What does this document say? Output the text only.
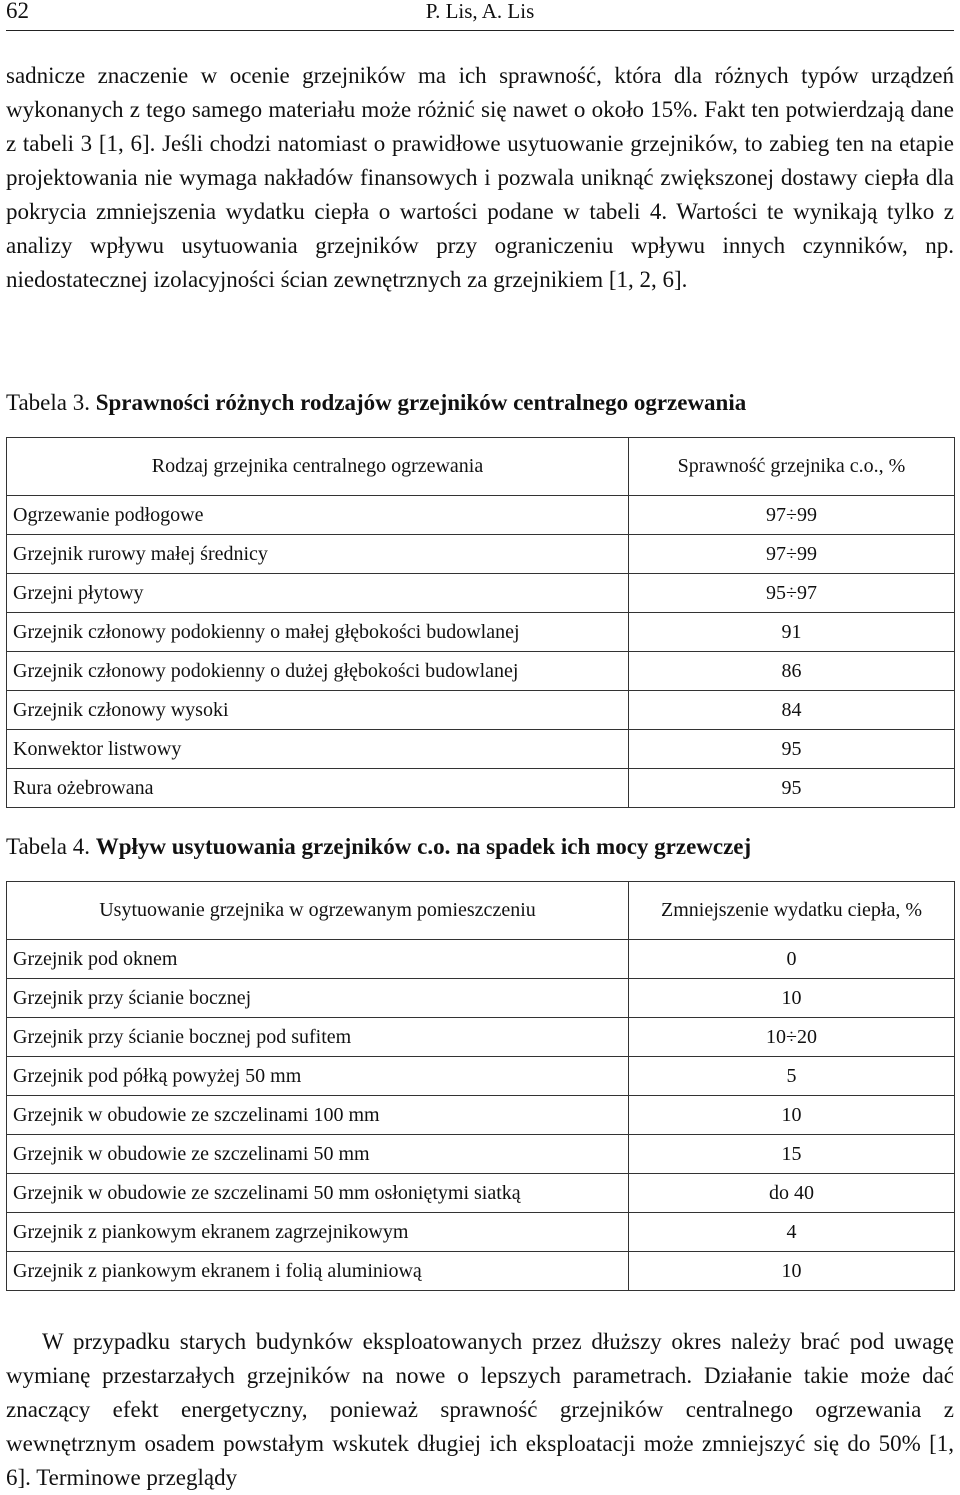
62	P. Lis, A. Lis

sadnicze znaczenie w ocenie grzejników ma ich sprawność, która dla różnych typów urządzeń wykonanych z tego samego materiału może różnić się nawet o około 15%. Fakt ten potwierdzają dane z tabeli 3 [1, 6]. Jeśli chodzi natomiast o prawidłowe usytuowanie grzejników, to zabieg ten na etapie projektowania nie wymaga nakładów finansowych i pozwala uniknąć zwiększonej dostawy ciepła dla pokrycia zmniejszenia wydatku ciepła o wartości podane w tabeli 4. Wartości te wynikają tylko z analizy wpływu usytuowania grzejników przy ograniczeniu wpływu innych czynników, np. niedostatecznej izolacyjności ścian zewnętrznych za grzejnikiem [1, 2, 6].

Tabela 3. Sprawności różnych rodzajów grzejników centralnego ogrzewania

Rodzaj grzejnika centralnego ogrzewania	Sprawność grzejnika c.o., %
Ogrzewanie podłogowe	97÷99
Grzejnik rurowy małej średnicy	97÷99
Grzejni płytowy	95÷97
Grzejnik członowy podokienny o małej głębokości budowlanej	91
Grzejnik członowy podokienny o dużej głębokości budowlanej	86
Grzejnik członowy wysoki	84
Konwektor listwowy	95
Rura ożebrowana	95

Tabela 4. Wpływ usytuowania grzejników c.o. na spadek ich mocy grzewczej

Usytuowanie grzejnika w ogrzewanym pomieszczeniu	Zmniejszenie wydatku ciepła, %
Grzejnik pod oknem	0
Grzejnik przy ścianie bocznej	10
Grzejnik przy ścianie bocznej pod sufitem	10÷20
Grzejnik pod półką powyżej 50 mm	5
Grzejnik w obudowie ze szczelinami 100 mm	10
Grzejnik w obudowie ze szczelinami 50 mm	15
Grzejnik w obudowie ze szczelinami 50 mm osłoniętymi siatką	do 40
Grzejnik z piankowym ekranem zagrzejnikowym	4
Grzejnik z piankowym ekranem i folią aluminiową	10

W przypadku starych budynków eksploatowanych przez dłuższy okres należy brać pod uwagę wymianę przestarzałych grzejników na nowe o lepszych parametrach. Działanie takie może dać znaczący efekt energetyczny, ponieważ sprawność grzejników centralnego ogrzewania z wewnętrznym osadem powstałym wskutek długiej ich eksploatacji może zmniejszyć się do 50% [1, 6]. Terminowe przeglądy
